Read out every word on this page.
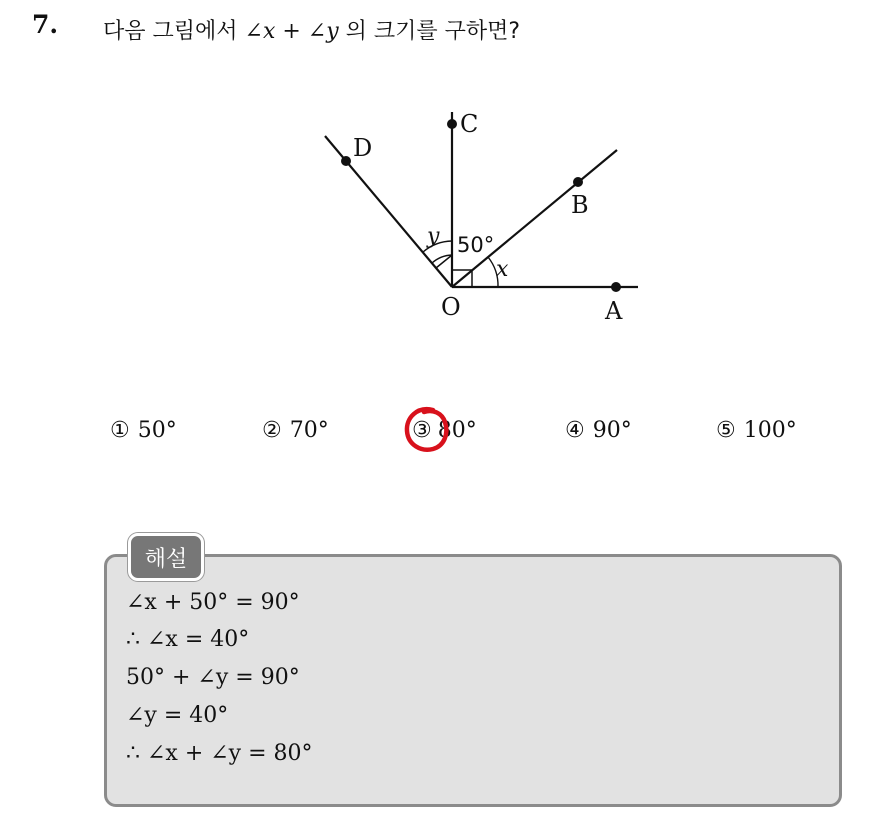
7. 다음 그림에서 ∠x + ∠y 의 크기를 구하면?
C
D
B
O	A
y
x
50°
① 50°	② 70°	③ 80°	④ 90°	⑤ 100°
해설
∠x + 50° = 90°
∴ ∠x = 40°
50° + ∠y = 90°
∠y = 40°
∴ ∠x + ∠y = 80°
